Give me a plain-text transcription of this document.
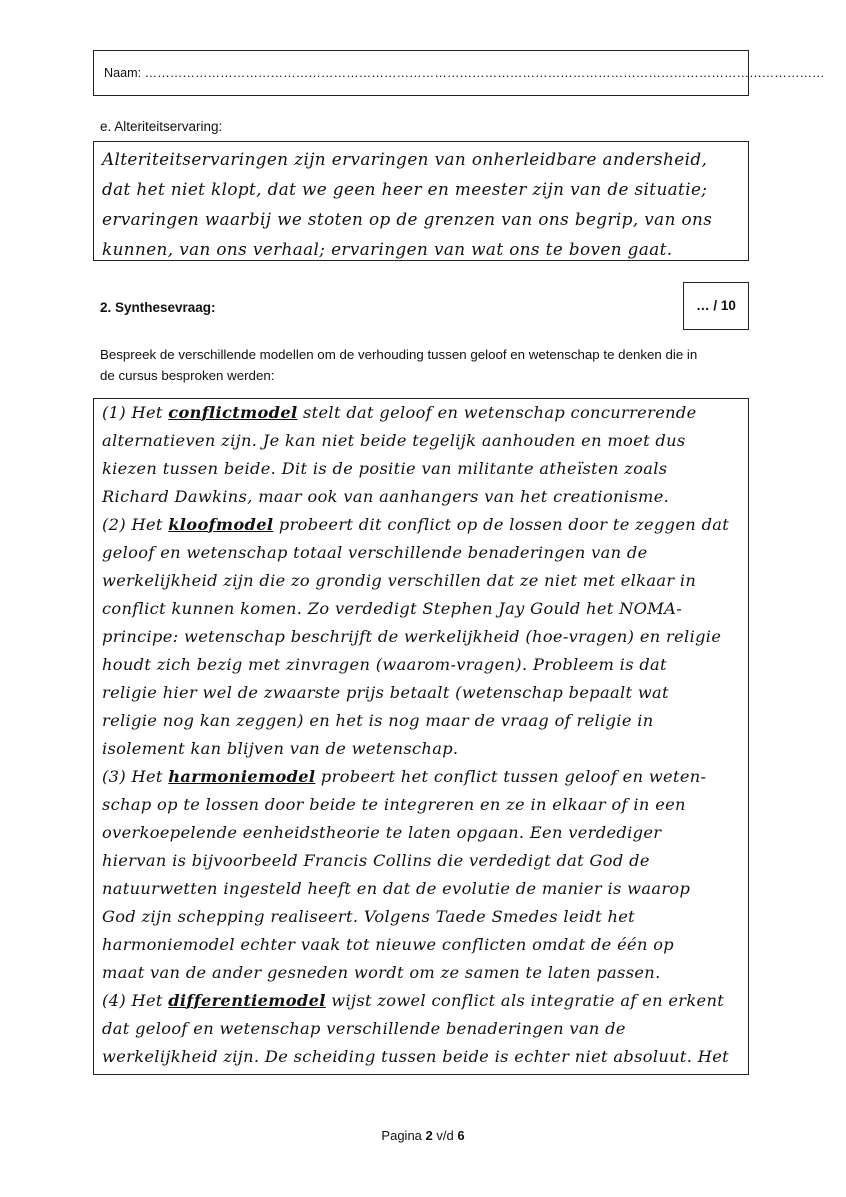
Naam: ………………………………………………………………………………………………………………………………………………
e. Alteriteitservaring:
Alteriteitservaringen zijn ervaringen van onherleidbare andersheid,
dat het niet klopt, dat we geen heer en meester zijn van de situatie;
ervaringen waarbij we stoten op de grenzen van ons begrip, van ons
kunnen, van ons verhaal; ervaringen van wat ons te boven gaat.
2. Synthesevraag:	… / 10
Bespreek de verschillende modellen om de verhouding tussen geloof en wetenschap te denken die in
de cursus besproken werden:
(1) Het conflictmodel stelt dat geloof en wetenschap concurrerende
alternatieven zijn. Je kan niet beide tegelijk aanhouden en moet dus
kiezen tussen beide. Dit is de positie van militante atheïsten zoals
Richard Dawkins, maar ook van aanhangers van het creationisme.
(2) Het kloofmodel probeert dit conflict op de lossen door te zeggen dat
geloof en wetenschap totaal verschillende benaderingen van de
werkelijkheid zijn die zo grondig verschillen dat ze niet met elkaar in
conflict kunnen komen. Zo verdedigt Stephen Jay Gould het NOMA-
principe: wetenschap beschrijft de werkelijkheid (hoe-vragen) en religie
houdt zich bezig met zinvragen (waarom-vragen). Probleem is dat
religie hier wel de zwaarste prijs betaalt (wetenschap bepaalt wat
religie nog kan zeggen) en het is nog maar de vraag of religie in
isolement kan blijven van de wetenschap.
(3) Het harmoniemodel probeert het conflict tussen geloof en weten-
schap op te lossen door beide te integreren en ze in elkaar of in een
overkoepelende eenheidstheorie te laten opgaan. Een verdediger
hiervan is bijvoorbeeld Francis Collins die verdedigt dat God de
natuurwetten ingesteld heeft en dat de evolutie de manier is waarop
God zijn schepping realiseert. Volgens Taede Smedes leidt het
harmoniemodel echter vaak tot nieuwe conflicten omdat de één op
maat van de ander gesneden wordt om ze samen te laten passen.
(4) Het differentiemodel wijst zowel conflict als integratie af en erkent
dat geloof en wetenschap verschillende benaderingen van de
werkelijkheid zijn. De scheiding tussen beide is echter niet absoluut. Het
Pagina 2 v/d 6
